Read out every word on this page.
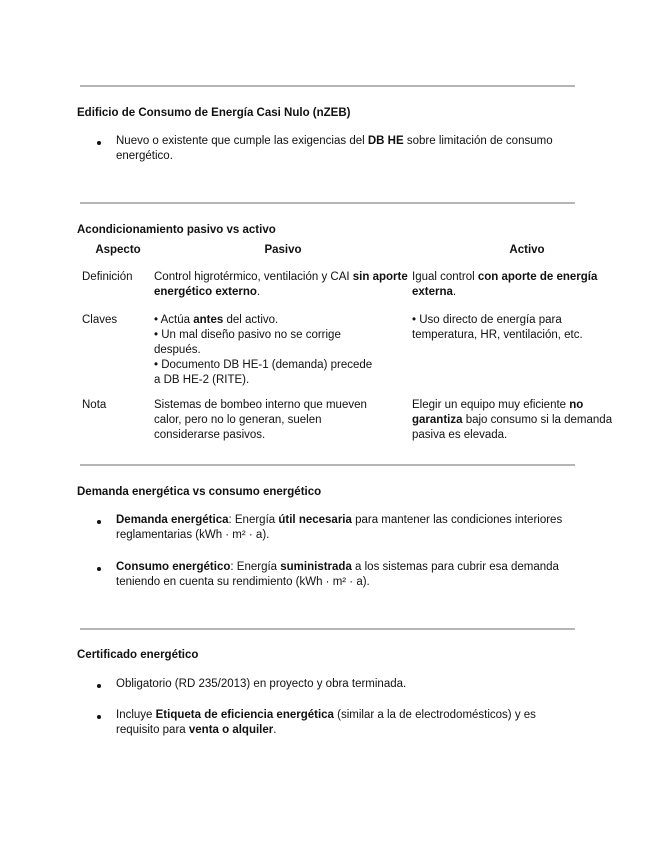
Edificio de Consumo de Energía Casi Nulo (nZEB)
Nuevo o existente que cumple las exigencias del DB HE sobre limitación de consumo energético.
Acondicionamiento pasivo vs activo
Aspecto	Pasivo	Activo
Definición	Control higrotérmico, ventilación y CAI sin aporte energético externo.	Igual control con aporte de energía externa.
Claves	• Actúa antes del activo.
• Un mal diseño pasivo no se corrige después.
• Documento DB HE-1 (demanda) precede a DB HE-2 (RITE).	• Uso directo de energía para temperatura, HR, ventilación, etc.
Nota	Sistemas de bombeo interno que mueven calor, pero no lo generan, suelen considerarse pasivos.	Elegir un equipo muy eficiente no garantiza bajo consumo si la demanda pasiva es elevada.
Demanda energética vs consumo energético
Demanda energética: Energía útil necesaria para mantener las condiciones interiores reglamentarias (kWh · m² · a).
Consumo energético: Energía suministrada a los sistemas para cubrir esa demanda teniendo en cuenta su rendimiento (kWh · m² · a).
Certificado energético
Obligatorio (RD 235/2013) en proyecto y obra terminada.
Incluye Etiqueta de eficiencia energética (similar a la de electrodomésticos) y es requisito para venta o alquiler.
